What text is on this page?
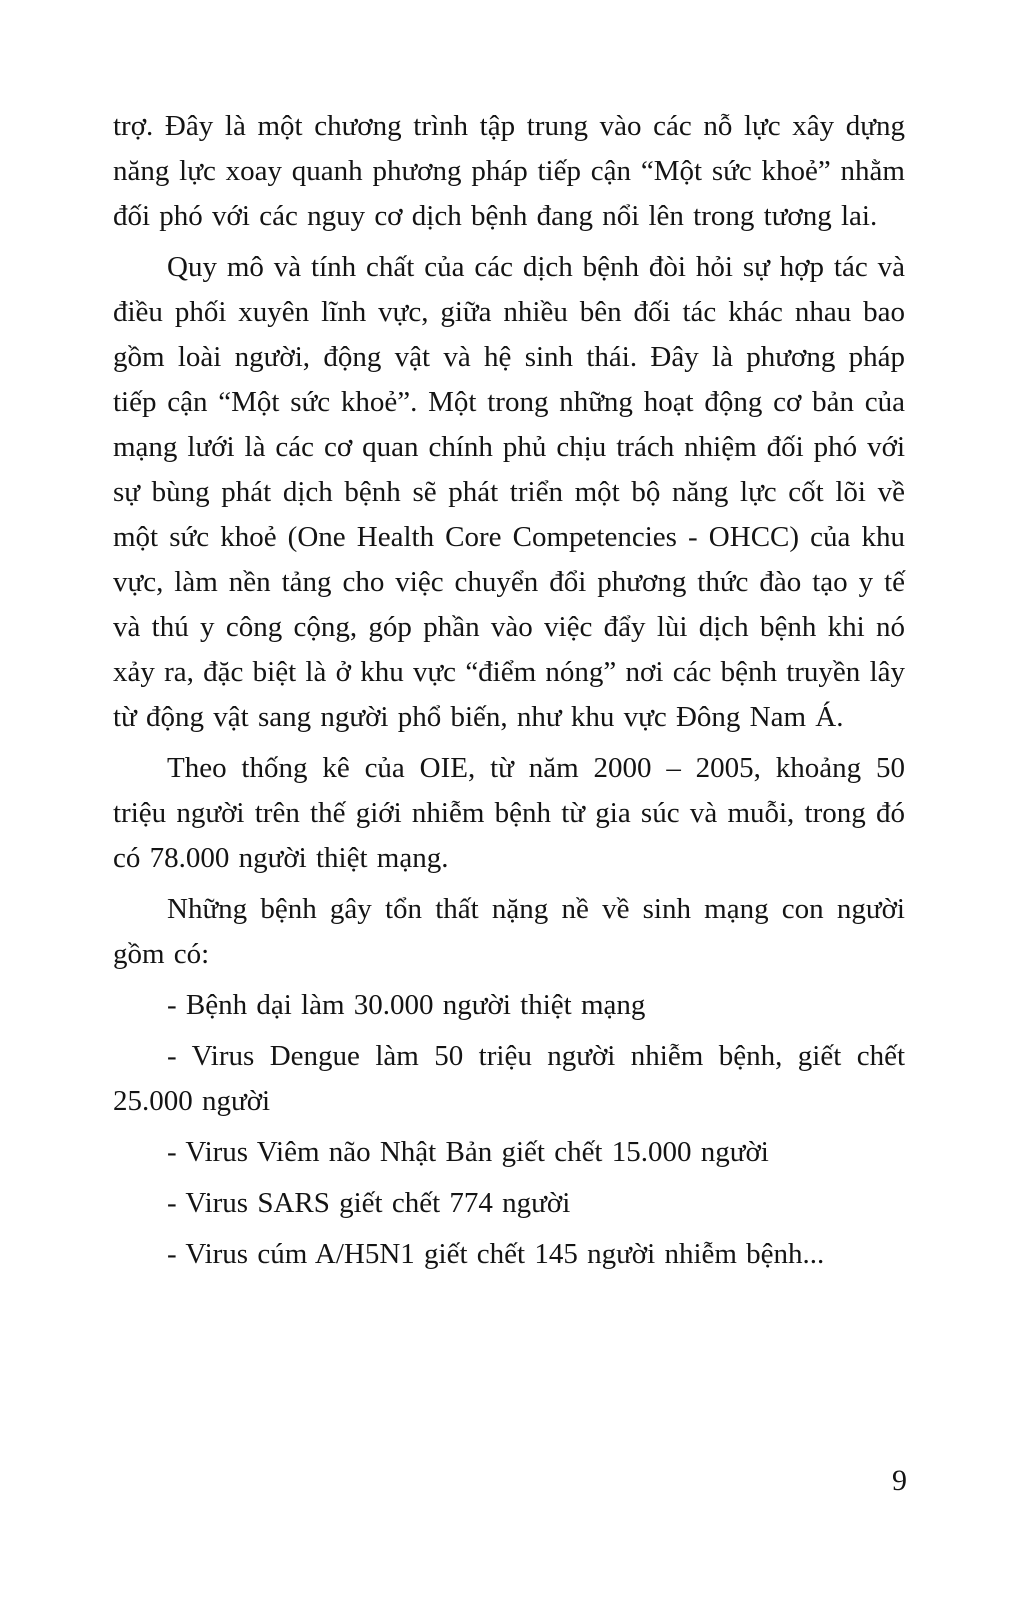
trợ. Đây là một chương trình tập trung vào các nỗ lực xây dựng năng lực xoay quanh phương pháp tiếp cận “Một sức khoẻ” nhằm đối phó với các nguy cơ dịch bệnh đang nổi lên trong tương lai.

Quy mô và tính chất của các dịch bệnh đòi hỏi sự hợp tác và điều phối xuyên lĩnh vực, giữa nhiều bên đối tác khác nhau bao gồm loài người, động vật và hệ sinh thái. Đây là phương pháp tiếp cận “Một sức khoẻ”. Một trong những hoạt động cơ bản của mạng lưới là các cơ quan chính phủ chịu trách nhiệm đối phó với sự bùng phát dịch bệnh sẽ phát triển một bộ năng lực cốt lõi về một sức khoẻ (One Health Core Competencies - OHCC) của khu vực, làm nền tảng cho việc chuyển đổi phương thức đào tạo y tế và thú y công cộng, góp phần vào việc đẩy lùi dịch bệnh khi nó xảy ra, đặc biệt là ở khu vực “điểm nóng” nơi các bệnh truyền lây từ động vật sang người phổ biến, như khu vực Đông Nam Á.

Theo thống kê của OIE, từ năm 2000 – 2005, khoảng 50 triệu người trên thế giới nhiễm bệnh từ gia súc và muỗi, trong đó có 78.000 người thiệt mạng.

Những bệnh gây tổn thất nặng nề về sinh mạng con người gồm có:

- Bệnh dại làm 30.000 người thiệt mạng

- Virus Dengue làm 50 triệu người nhiễm bệnh, giết chết 25.000 người

- Virus Viêm não Nhật Bản giết chết 15.000 người

- Virus SARS giết chết 774 người

- Virus cúm A/H5N1 giết chết 145 người nhiễm bệnh...

9
